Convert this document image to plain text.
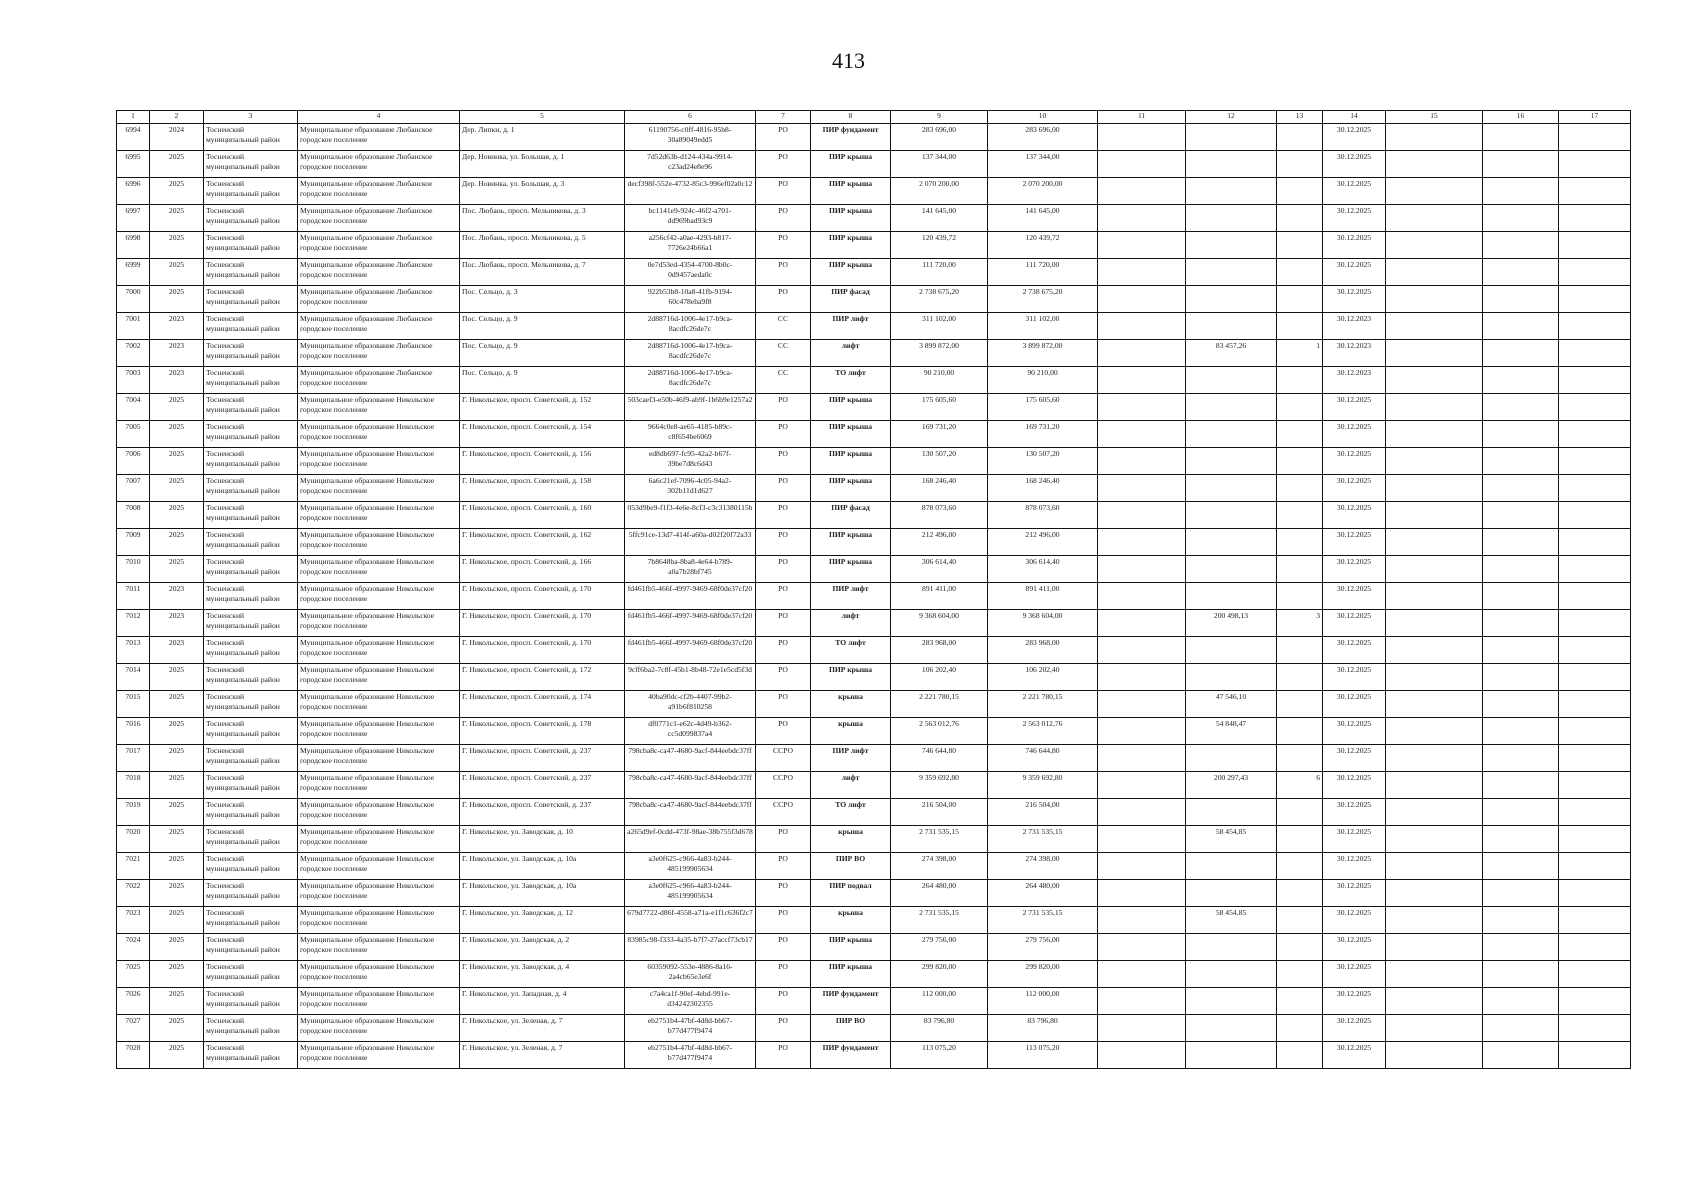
413
1	2	3	4	5	6	7	8	9	10	11	12	13	14	15	16	17
6994	2024	Тосненский муниципальный район	Муниципальное образование Любанское городское поселение	Дер. Липки, д. 1	61190756-c0ff-4816-95b8-30a89049edd5	РО	ПИР фундамент	283 696,00	283 696,00				30.12.2025			
6995	2025	Тосненский муниципальный район	Муниципальное образование Любанское городское поселение	Дер. Новинка, ул. Большая, д. 1	7d52d63b-d124-434a-9914-c23ad24e8e96	РО	ПИР крыша	137 344,00	137 344,00				30.12.2025			
6996	2025	Тосненский муниципальный район	Муниципальное образование Любанское городское поселение	Дер. Новинка, ул. Большая, д. 3	decf398f-552e-4732-85c3-996ef02a0c12	РО	ПИР крыша	2 070 200,00	2 070 200,00				30.12.2025			
6997	2025	Тосненский муниципальный район	Муниципальное образование Любанское городское поселение	Пос. Любань, просп. Мельникова, д. 3	bc1141e9-924c-46f2-a701-dd969bad93c9	РО	ПИР крыша	141 645,00	141 645,00				30.12.2025			
6998	2025	Тосненский муниципальный район	Муниципальное образование Любанское городское поселение	Пос. Любань, просп. Мельникова, д. 5	a256cf42-a0ae-4293-b817-7726e24b66a1	РО	ПИР крыша	120 439,72	120 439,72				30.12.2025			
6999	2025	Тосненский муниципальный район	Муниципальное образование Любанское городское поселение	Пос. Любань, просп. Мельникова, д. 7	0e7d53ed-4354-4700-8b0c-0d9457aeda0c	РО	ПИР крыша	111 720,00	111 720,00				30.12.2025			
7000	2025	Тосненский муниципальный район	Муниципальное образование Любанское городское поселение	Пос. Сельцо, д. 3	922b53b8-10a8-41fb-9194-60c478eba9f8	РО	ПИР фасад	2 738 675,20	2 738 675,20				30.12.2025			
7001	2023	Тосненский муниципальный район	Муниципальное образование Любанское городское поселение	Пос. Сельцо, д. 9	2d88716d-1006-4e17-b9ca-8acdfc26de7c	СС	ПИР лифт	311 102,00	311 102,00				30.12.2023			
7002	2023	Тосненский муниципальный район	Муниципальное образование Любанское городское поселение	Пос. Сельцо, д. 9	2d88716d-1006-4e17-b9ca-8acdfc26de7c	СС	лифт	3 899 872,00	3 899 872,00		83 457,26	1	30.12.2023			
7003	2023	Тосненский муниципальный район	Муниципальное образование Любанское городское поселение	Пос. Сельцо, д. 9	2d88716d-1006-4e17-b9ca-8acdfc26de7c	СС	ТО лифт	90 210,00	90 210,00				30.12.2023			
7004	2025	Тосненский муниципальный район	Муниципальное образование Никольское городское поселение	Г. Никольское, просп. Советский, д. 152	503caef3-e50b-46f9-ab9f-1b6b9e1257a2	РО	ПИР крыша	175 605,60	175 605,60				30.12.2025			
7005	2025	Тосненский муниципальный район	Муниципальное образование Никольское городское поселение	Г. Никольское, просп. Советский, д. 154	9664c0e8-ae65-4185-b89c-c8f654be6069	РО	ПИР крыша	169 731,20	169 731,20				30.12.2025			
7006	2025	Тосненский муниципальный район	Муниципальное образование Никольское городское поселение	Г. Никольское, просп. Советский, д. 156	ed8db697-fc95-42a2-b67f-39be7d8c6d43	РО	ПИР крыша	130 507,20	130 507,20				30.12.2025			
7007	2025	Тосненский муниципальный район	Муниципальное образование Никольское городское поселение	Г. Никольское, просп. Советский, д. 158	6a6c21ef-7096-4c05-94a2-302b11d1d627	РО	ПИР крыша	168 246,40	168 246,40				30.12.2025			
7008	2025	Тосненский муниципальный район	Муниципальное образование Никольское городское поселение	Г. Никольское, просп. Советский, д. 160	053d9be9-f1f3-4e6e-8cf3-c3c31380115b	РО	ПИР фасад	878 073,60	878 073,60				30.12.2025			
7009	2025	Тосненский муниципальный район	Муниципальное образование Никольское городское поселение	Г. Никольское, просп. Советский, д. 162	5ffc91ce-13d7-414f-a60a-d02f20f72a33	РО	ПИР крыша	212 496,00	212 496,00				30.12.2025			
7010	2025	Тосненский муниципальный район	Муниципальное образование Никольское городское поселение	Г. Никольское, просп. Советский, д. 166	7b8648ba-8ba8-4e64-b789-a0a7b28bf745	РО	ПИР крыша	306 614,40	306 614,40				30.12.2025			
7011	2023	Тосненский муниципальный район	Муниципальное образование Никольское городское поселение	Г. Никольское, просп. Советский, д. 170	fd461fb5-466f-4997-9469-68f0de37cf20	РО	ПИР лифт	891 411,00	891 411,00				30.12.2025			
7012	2023	Тосненский муниципальный район	Муниципальное образование Никольское городское поселение	Г. Никольское, просп. Советский, д. 170	fd461fb5-466f-4997-9469-68f0de37cf20	РО	лифт	9 368 604,00	9 368 604,00		200 498,13	3	30.12.2025			
7013	2023	Тосненский муниципальный район	Муниципальное образование Никольское городское поселение	Г. Никольское, просп. Советский, д. 170	fd461fb5-466f-4997-9469-68f0de37cf20	РО	ТО лифт	283 968,00	283 968,00				30.12.2025			
7014	2025	Тосненский муниципальный район	Муниципальное образование Никольское городское поселение	Г. Никольское, просп. Советский, д. 172	9cff6ba2-7c8f-45b1-8b48-72e1e5cd5f3d	РО	ПИР крыша	106 202,40	106 202,40				30.12.2025			
7015	2025	Тосненский муниципальный район	Муниципальное образование Никольское городское поселение	Г. Никольское, просп. Советский, д. 174	40ba90dc-cf2b-4407-99b2-a91b6f810258	РО	крыша	2 221 780,15	2 221 780,15		47 546,10		30.12.2025			
7016	2025	Тосненский муниципальный район	Муниципальное образование Никольское городское поселение	Г. Никольское, просп. Советский, д. 178	df0771c1-e62c-4d49-b362-cc5d099837a4	РО	крыша	2 563 012,76	2 563 012,76		54 848,47		30.12.2025			
7017	2025	Тосненский муниципальный район	Муниципальное образование Никольское городское поселение	Г. Никольское, просп. Советский, д. 237	798cba8c-ca47-4680-9acf-844eebdc37ff	ССРО	ПИР лифт	746 644,80	746 644,80				30.12.2025			
7018	2025	Тосненский муниципальный район	Муниципальное образование Никольское городское поселение	Г. Никольское, просп. Советский, д. 237	798cba8c-ca47-4680-9acf-844eebdc37ff	ССРО	лифт	9 359 692,80	9 359 692,80		200 297,43	6	30.12.2025			
7019	2025	Тосненский муниципальный район	Муниципальное образование Никольское городское поселение	Г. Никольское, просп. Советский, д. 237	798cba8c-ca47-4680-9acf-844eebdc37ff	ССРО	ТО лифт	216 504,00	216 504,00				30.12.2025			
7020	2025	Тосненский муниципальный район	Муниципальное образование Никольское городское поселение	Г. Никольское, ул. Заводская, д. 10	a265d9ef-0cdd-473f-98ae-38b755f3d678	РО	крыша	2 731 535,15	2 731 535,15		58 454,85		30.12.2025			
7021	2025	Тосненский муниципальный район	Муниципальное образование Никольское городское поселение	Г. Никольское, ул. Заводская, д. 10а	a3e0f625-c966-4a83-b244-485199905634	РО	ПИР ВО	274 398,00	274 398,00				30.12.2025			
7022	2025	Тосненский муниципальный район	Муниципальное образование Никольское городское поселение	Г. Никольское, ул. Заводская, д. 10а	a3e0f625-c966-4a83-b244-485199905634	РО	ПИР подвал	264 480,00	264 480,00				30.12.2025			
7023	2025	Тосненский муниципальный район	Муниципальное образование Никольское городское поселение	Г. Никольское, ул. Заводская, д. 12	679d7722-d86f-4558-a71a-e1f1c636f2c7	РО	крыша	2 731 535,15	2 731 535,15		58 454,85		30.12.2025			
7024	2025	Тосненский муниципальный район	Муниципальное образование Никольское городское поселение	Г. Никольское, ул. Заводская, д. 2	83985c98-f333-4a35-b7f7-27accf73cb17	РО	ПИР крыша	279 756,00	279 756,00				30.12.2025			
7025	2025	Тосненский муниципальный район	Муниципальное образование Никольское городское поселение	Г. Никольское, ул. Заводская, д. 4	60359092-553e-4886-8a16-2a4cb65e3e6f	РО	ПИР крыша	299 820,00	299 820,00				30.12.2025			
7026	2025	Тосненский муниципальный район	Муниципальное образование Никольское городское поселение	Г. Никольское, ул. Западная, д. 4	c7a4ca1f-90ef-4ebd-991e-d34242302355	РО	ПИР фундамент	112 000,00	112 000,00				30.12.2025			
7027	2025	Тосненский муниципальный район	Муниципальное образование Никольское городское поселение	Г. Никольское, ул. Зеленая, д. 7	eb2751b4-47bf-4d8d-bb67-b77d477f9474	РО	ПИР ВО	83 796,80	83 796,80				30.12.2025			
7028	2025	Тосненский муниципальный район	Муниципальное образование Никольское городское поселение	Г. Никольское, ул. Зеленая, д. 7	eb2751b4-47bf-4d8d-bb67-b77d477f9474	РО	ПИР фундамент	113 075,20	113 075,20				30.12.2025			
